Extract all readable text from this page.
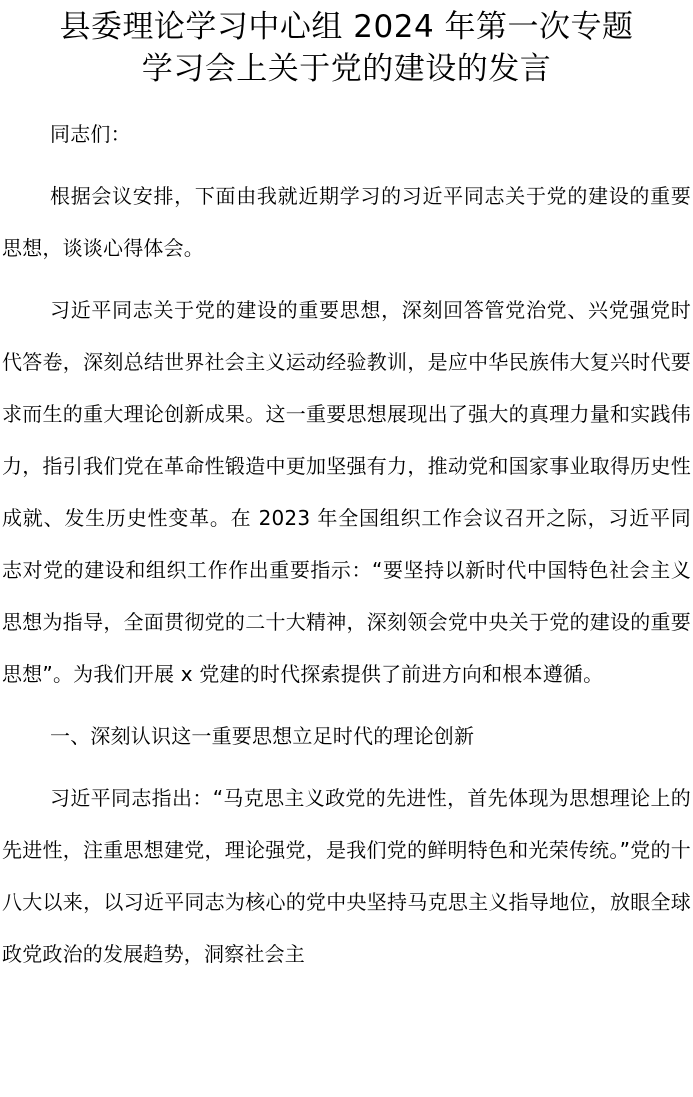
县委理论学习中心组 2024 年第一次专题
学习会上关于党的建设的发言

同志们：

根据会议安排，下面由我就近期学习的习近平同志关于党的建设的重要思想，谈谈心得体会。

习近平同志关于党的建设的重要思想，深刻回答管党治党、兴党强党时代答卷，深刻总结世界社会主义运动经验教训，是应中华民族伟大复兴时代要求而生的重大理论创新成果。这一重要思想展现出了强大的真理力量和实践伟力，指引我们党在革命性锻造中更加坚强有力，推动党和国家事业取得历史性成就、发生历史性变革。在 2023 年全国组织工作会议召开之际，习近平同志对党的建设和组织工作作出重要指示：“要坚持以新时代中国特色社会主义思想为指导，全面贯彻党的二十大精神，深刻领会党中央关于党的建设的重要思想”。为我们开展 x 党建的时代探索提供了前进方向和根本遵循。

一、深刻认识这一重要思想立足时代的理论创新

习近平同志指出：“马克思主义政党的先进性，首先体现为思想理论上的先进性，注重思想建党，理论强党，是我们党的鲜明特色和光荣传统。”党的十八大以来，以习近平同志为核心的党中央坚持马克思主义指导地位，放眼全球政党政治的发展趋势，洞察社会主
